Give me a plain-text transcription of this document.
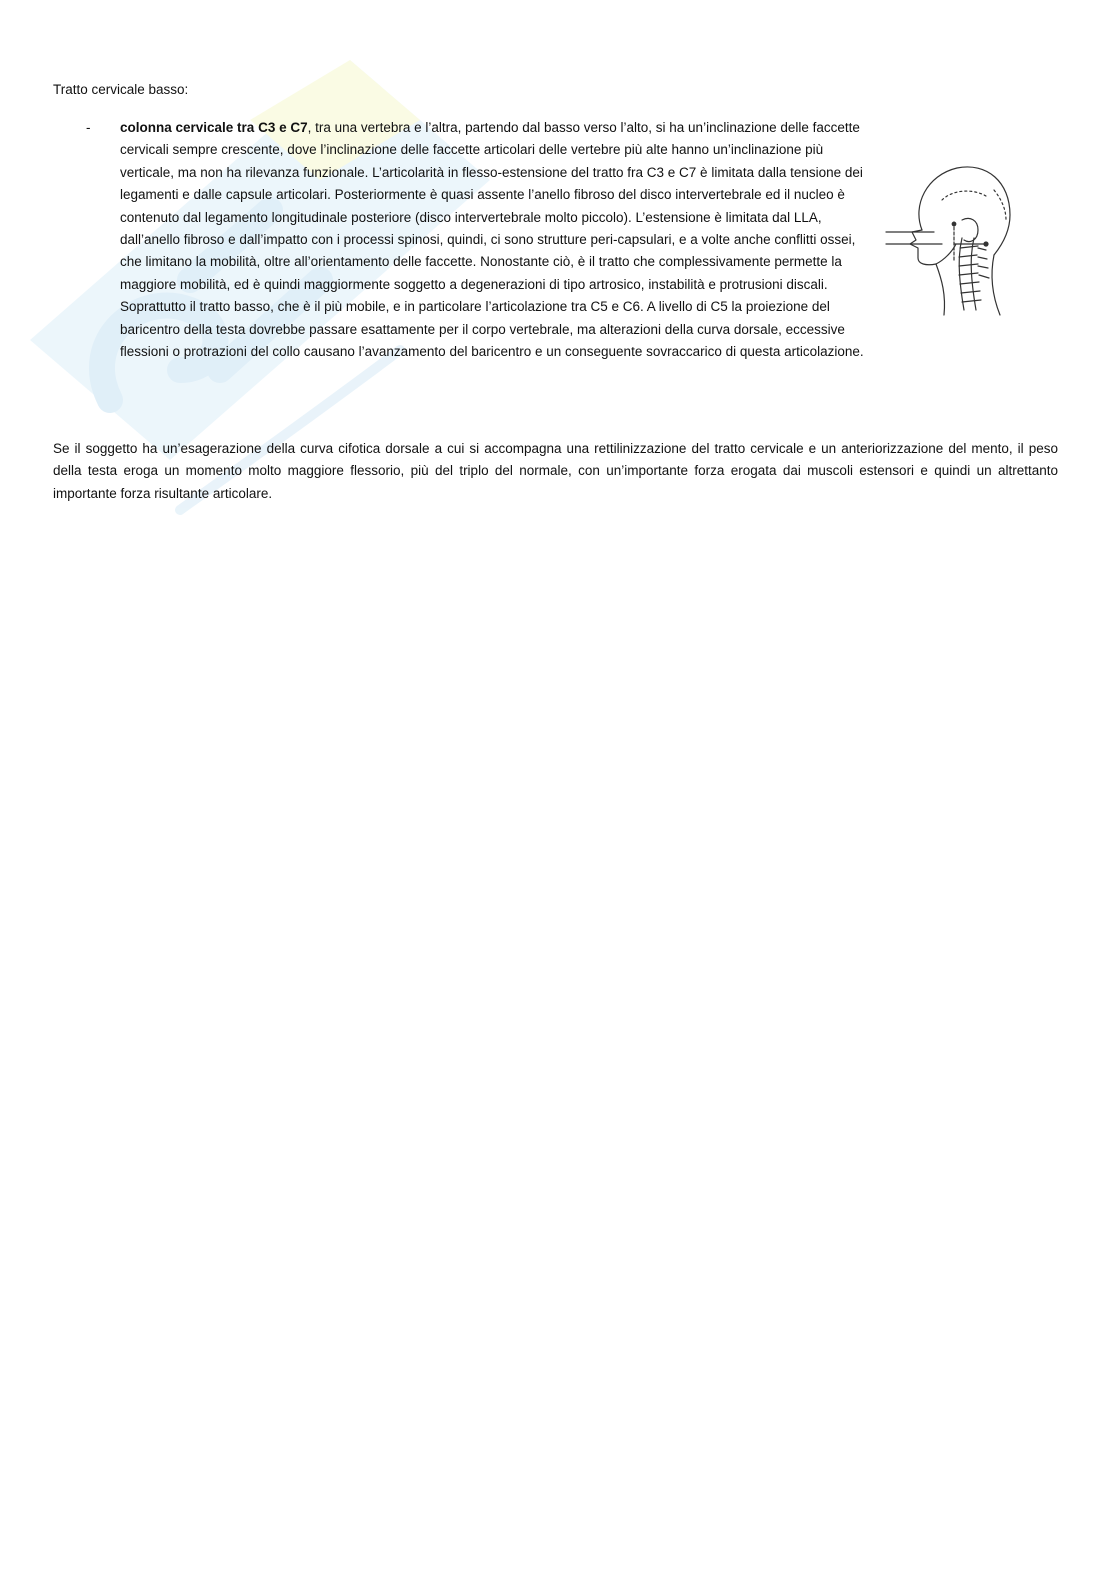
Tratto cervicale basso:

- colonna cervicale tra C3 e C7, tra una vertebra e l’altra, partendo dal basso verso l’alto, si ha un’inclinazione delle faccette cervicali sempre crescente, dove l’inclinazione delle faccette articolari delle vertebre più alte hanno un’inclinazione più verticale, ma non ha rilevanza funzionale. L’articolarità in flesso-estensione del tratto fra C3 e C7 è limitata dalla tensione dei legamenti e dalle capsule articolari. Posteriormente è quasi assente l’anello fibroso del disco intervertebrale ed il nucleo è contenuto dal legamento longitudinale posteriore (disco intervertebrale molto piccolo). L’estensione è limitata dal LLA, dall’anello fibroso e dall’impatto con i processi spinosi, quindi, ci sono strutture peri-capsulari, e a volte anche conflitti ossei, che limitano la mobilità, oltre all’orientamento delle faccette. Nonostante ciò, è il tratto che complessivamente permette la maggiore mobilità, ed è quindi maggiormente soggetto a degenerazioni di tipo artrosico, instabilità e protrusioni discali. Soprattutto il tratto basso, che è il più mobile, e in particolare l’articolazione tra C5 e C6. A livello di C5 la proiezione del baricentro della testa dovrebbe passare esattamente per il corpo vertebrale, ma alterazioni della curva dorsale, eccessive flessioni o protrazioni del collo causano l’avanzamento del baricentro e un conseguente sovraccarico di questa articolazione.

Se il soggetto ha un’esagerazione della curva cifotica dorsale a cui si accompagna una rettilinizzazione del tratto cervicale e un anteriorizzazione del mento, il peso della testa eroga un momento molto maggiore flessorio, più del triplo del normale, con un’importante forza erogata dai muscoli estensori e quindi un altrettanto importante forza risultante articolare.
